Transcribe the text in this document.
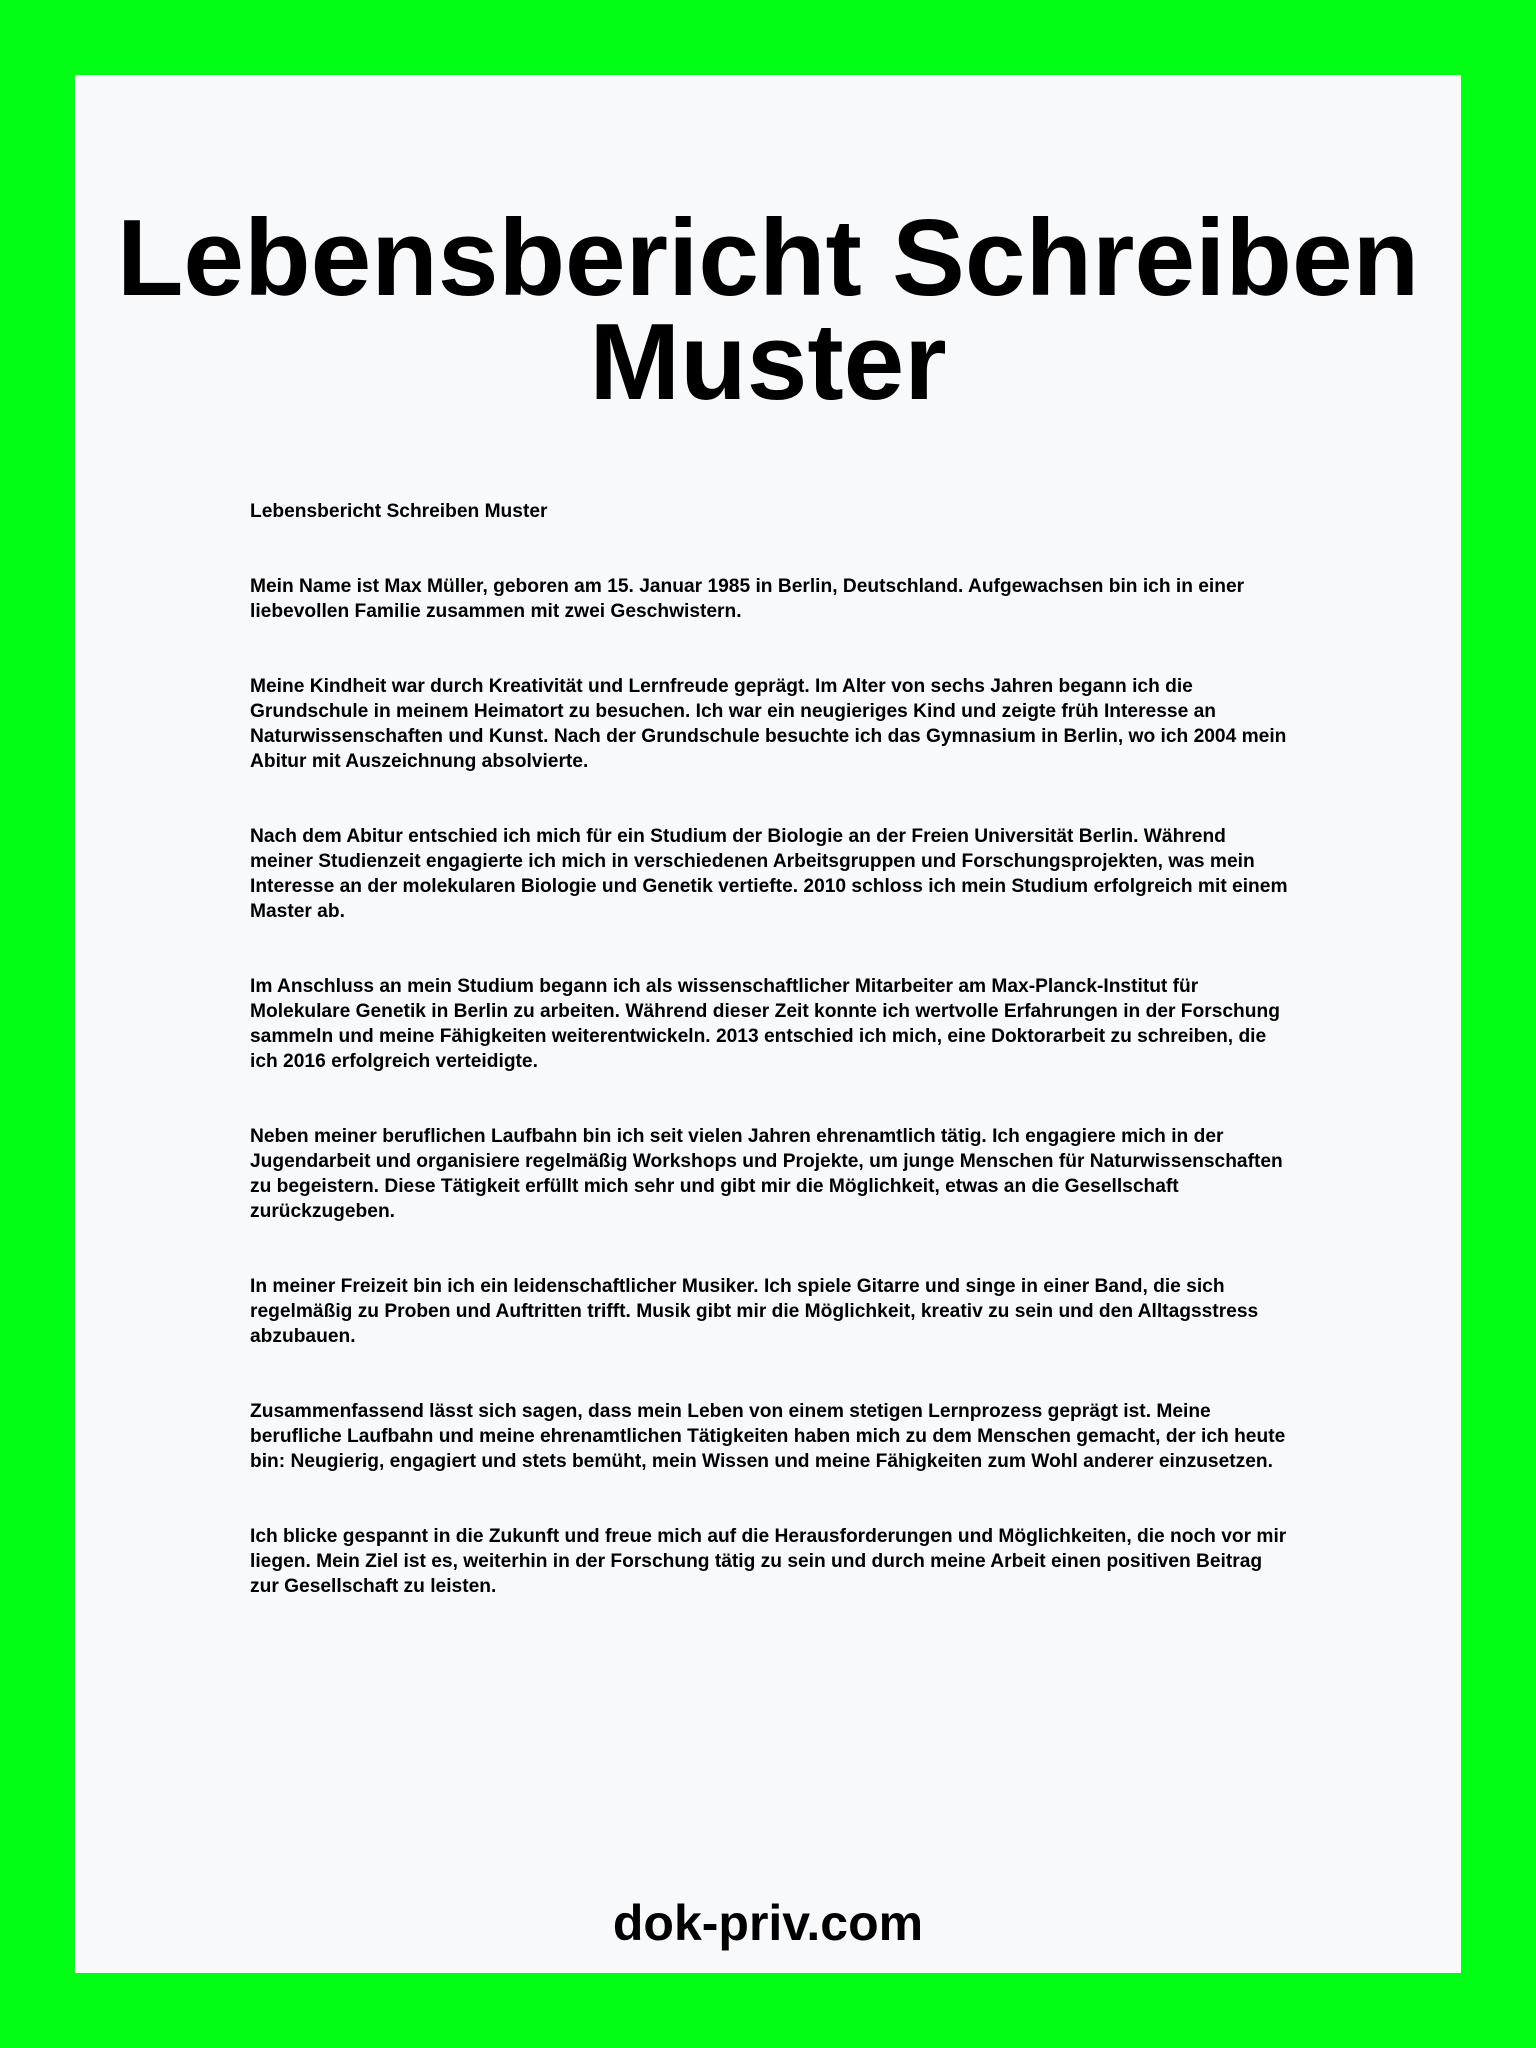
Lebensbericht Schreiben Muster

Lebensbericht Schreiben Muster

Mein Name ist Max Müller, geboren am 15. Januar 1985 in Berlin, Deutschland. Aufgewachsen bin ich in einer liebevollen Familie zusammen mit zwei Geschwistern.

Meine Kindheit war durch Kreativität und Lernfreude geprägt. Im Alter von sechs Jahren begann ich die Grundschule in meinem Heimatort zu besuchen. Ich war ein neugieriges Kind und zeigte früh Interesse an Naturwissenschaften und Kunst. Nach der Grundschule besuchte ich das Gymnasium in Berlin, wo ich 2004 mein Abitur mit Auszeichnung absolvierte.

Nach dem Abitur entschied ich mich für ein Studium der Biologie an der Freien Universität Berlin. Während meiner Studienzeit engagierte ich mich in verschiedenen Arbeitsgruppen und Forschungsprojekten, was mein Interesse an der molekularen Biologie und Genetik vertiefte. 2010 schloss ich mein Studium erfolgreich mit einem Master ab.

Im Anschluss an mein Studium begann ich als wissenschaftlicher Mitarbeiter am Max-Planck-Institut für Molekulare Genetik in Berlin zu arbeiten. Während dieser Zeit konnte ich wertvolle Erfahrungen in der Forschung sammeln und meine Fähigkeiten weiterentwickeln. 2013 entschied ich mich, eine Doktorarbeit zu schreiben, die ich 2016 erfolgreich verteidigte.

Neben meiner beruflichen Laufbahn bin ich seit vielen Jahren ehrenamtlich tätig. Ich engagiere mich in der Jugendarbeit und organisiere regelmäßig Workshops und Projekte, um junge Menschen für Naturwissenschaften zu begeistern. Diese Tätigkeit erfüllt mich sehr und gibt mir die Möglichkeit, etwas an die Gesellschaft zurückzugeben.

In meiner Freizeit bin ich ein leidenschaftlicher Musiker. Ich spiele Gitarre und singe in einer Band, die sich regelmäßig zu Proben und Auftritten trifft. Musik gibt mir die Möglichkeit, kreativ zu sein und den Alltagsstress abzubauen.

Zusammenfassend lässt sich sagen, dass mein Leben von einem stetigen Lernprozess geprägt ist. Meine berufliche Laufbahn und meine ehrenamtlichen Tätigkeiten haben mich zu dem Menschen gemacht, der ich heute bin: Neugierig, engagiert und stets bemüht, mein Wissen und meine Fähigkeiten zum Wohl anderer einzusetzen.

Ich blicke gespannt in die Zukunft und freue mich auf die Herausforderungen und Möglichkeiten, die noch vor mir liegen. Mein Ziel ist es, weiterhin in der Forschung tätig zu sein und durch meine Arbeit einen positiven Beitrag zur Gesellschaft zu leisten.

dok-priv.com
